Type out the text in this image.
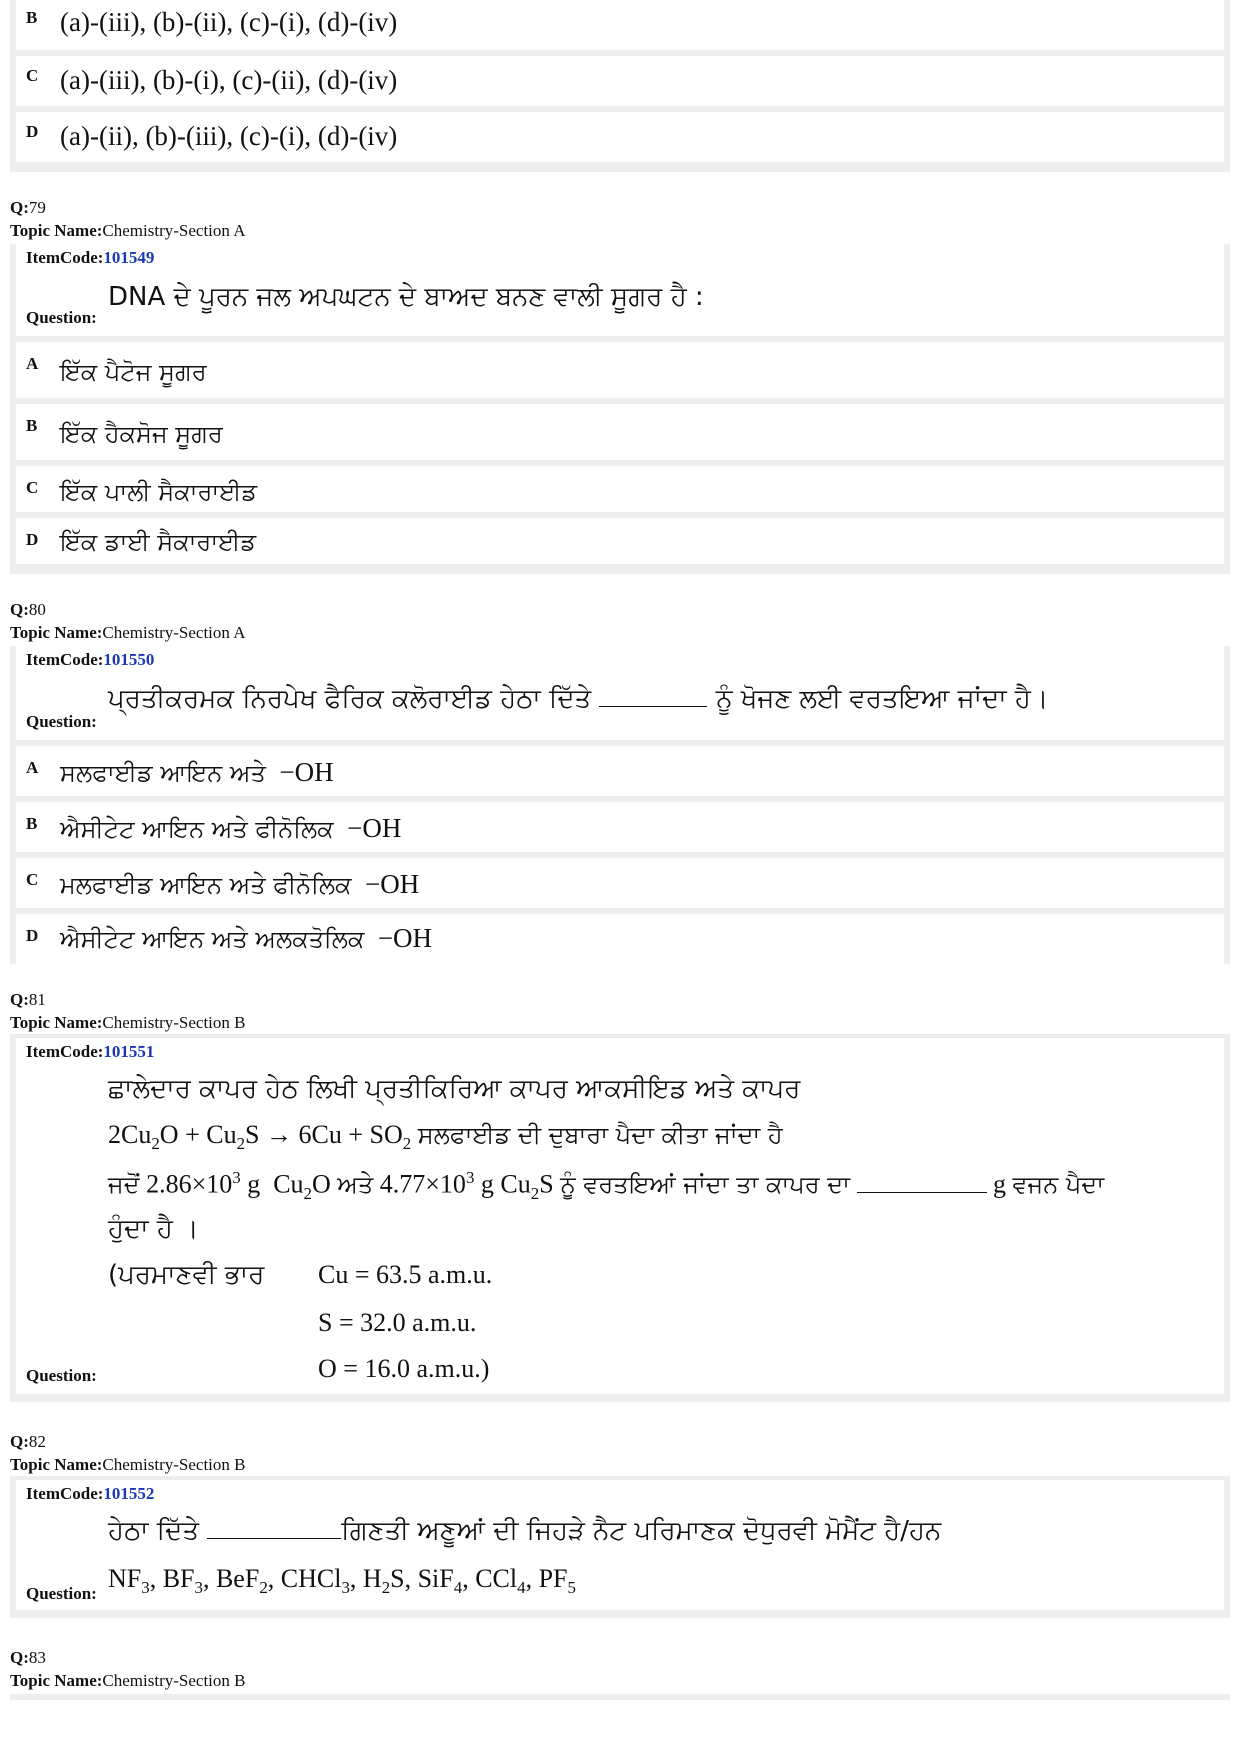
B (a)-(iii), (b)-(ii), (c)-(i), (d)-(iv)
C (a)-(iii), (b)-(i), (c)-(ii), (d)-(iv)
D (a)-(ii), (b)-(iii), (c)-(i), (d)-(iv)
Q:79
Topic Name:Chemistry-Section A
ItemCode:101549
DNA ਦੇ ਪੂਰਨ ਜਲ ਅਪਘਟਨ ਦੇ ਬਾਅਦ ਬਨਣ ਵਾਲੀ ਸੂਗਰ ਹੈ :
Question:
A ਇੱਕ ਪੈਟੋਜ ਸੂਗਰ
B ਇੱਕ ਹੈਕਸੋਜ ਸੂਗਰ
C ਇੱਕ ਪਾਲੀ ਸੈਕਾਰਾਈਡ
D ਇੱਕ ਡਾਈ ਸੈਕਾਰਾਈਡ
Q:80
Topic Name:Chemistry-Section A
ItemCode:101550
ਪ੍ਰਤੀਕਰਮਕ ਨਿਰਪੇਖ ਫੈਰਿਕ ਕਲੋਰਾਈਡ ਹੇਠਾ ਦਿੱਤੇ	ਨੂੰ ਖੋਜਣ ਲਈ ਵਰਤਇਆ ਜਾਂਦਾ ਹੈ।
Question:
A ਸਲਫਾਈਡ ਆਇਨ ਅਤੇ −OH
B ਐਸੀਟੇਟ ਆਇਨ ਅਤੇ ਫੀਨੋਲਿਕ −OH
C ਮਲਫਾਈਡ ਆਇਨ ਅਤੇ ਫੀਨੋਲਿਕ −OH
D ਐਸੀਟੇਟ ਆਇਨ ਅਤੇ ਅਲਕਤੋਲਿਕ −OH
Q:81
Topic Name:Chemistry-Section B
ItemCode:101551
ਛਾਲੇਦਾਰ ਕਾਪਰ ਹੇਠ ਲਿਖੀ ਪ੍ਰਤੀਕਿਰਿਆ ਕਾਪਰ ਆਕਸੀਇਡ ਅਤੇ ਕਾਪਰ
$2Cu_2O + Cu_2S \to 6Cu + SO_2$ ਸਲਫਾਈਡ ਦੀ ਦੁਬਾਰਾ ਪੈਦਾ ਕੀਤਾ ਜਾਂਦਾ ਹੈ
ਜਦੋਂ $2.86\times 10^3$ g  $Cu_2O$ ਅਤੇ $4.77\times 10^3$ g $Cu_2S$ ਨੂੰ ਵਰਤਇਆਂ ਜਾਂਦਾ ਤਾ ਕਾਪਰ ਦਾ	g ਵਜਨ ਪੈਦਾ
ਹੁੰਦਾ ਹੈ ।
(ਪਰਮਾਣਵੀ ਭਾਰ Cu = 63.5 a.m.u.
S = 32.0 a.m.u.
O = 16.0 a.m.u.)
Question:
Q:82
Topic Name:Chemistry-Section B
ItemCode:101552
ਹੇਠਾ ਦਿੱਤੇ	ਗਿਣਤੀ ਅਣੂਆਂ ਦੀ ਜਿਹੜੇ ਨੈਟ ਪਰਿਮਾਣਕ ਦੋਧੁਰਵੀ ਮੋਮੈਂਟ ਹੈ/ਹਨ
$NF_3$, $BF_3$, BeF$_2$, CHCl$_3$, $H_2S$, SiF$_4$, CCl$_4$, $PF_5$
Question:
Q:83
Topic Name:Chemistry-Section B
